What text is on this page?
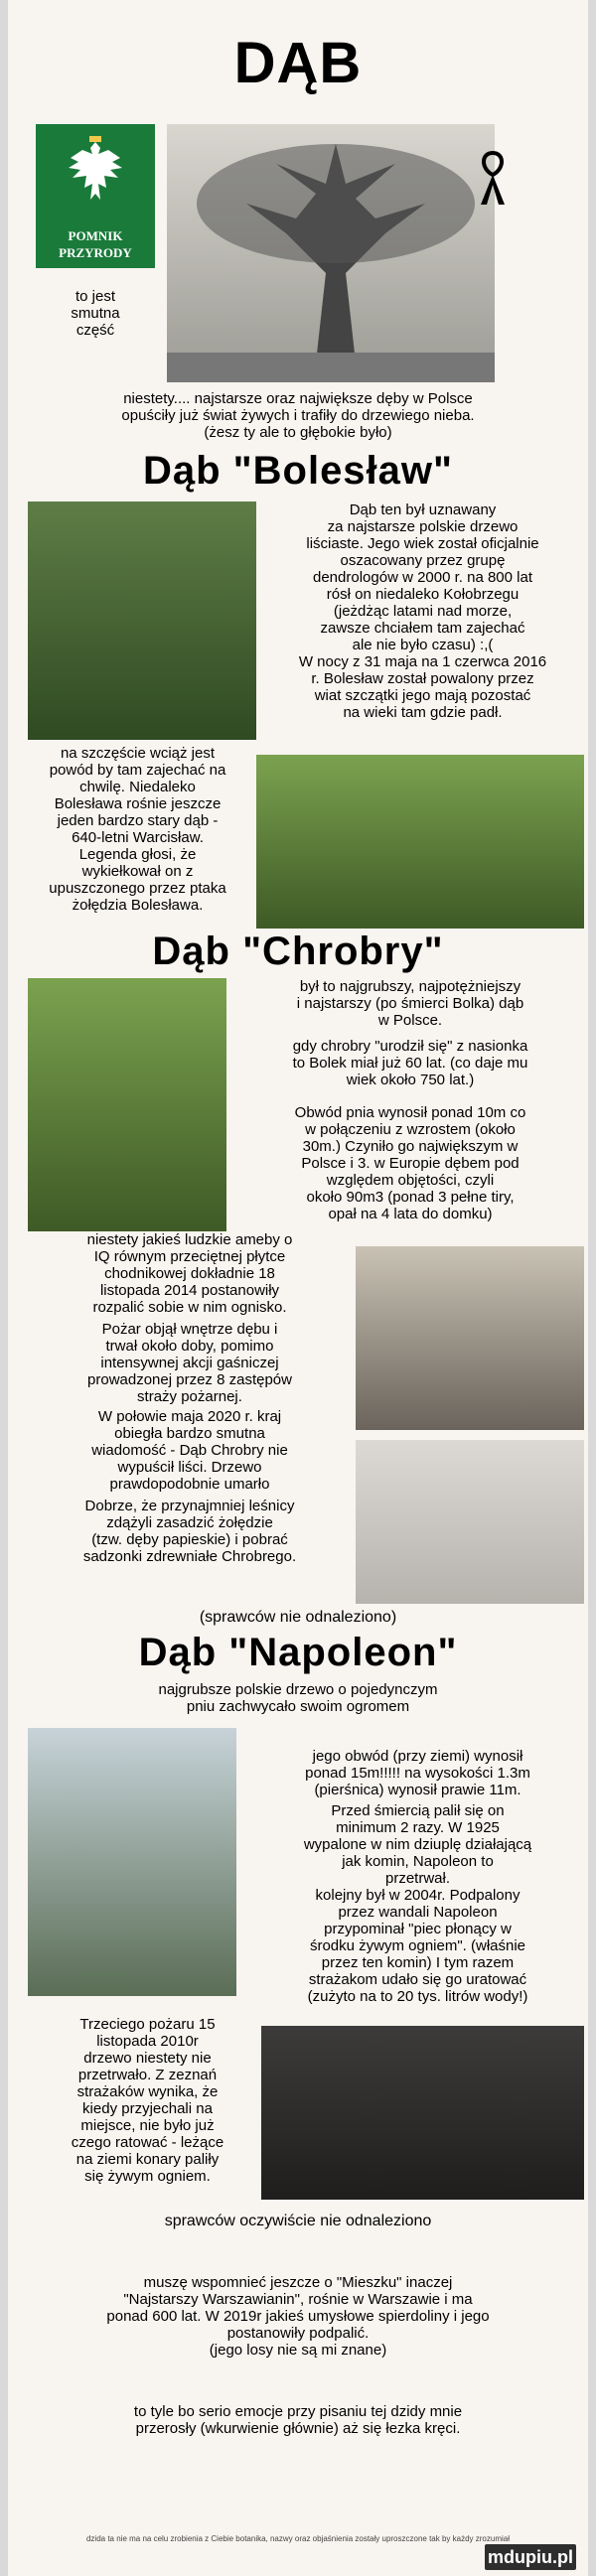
DĄB
POMNIK
PRZYRODY
to jest
smutna
część
niestety.... najstarsze oraz największe dęby w Polsce
opuściły już świat żywych i trafiły do drzewiego nieba.
(żesz ty ale to głębokie było)
Dąb "Bolesław"
Dąb ten był uznawany
za najstarsze polskie drzewo
liściaste. Jego wiek został oficjalnie
oszacowany przez grupę
dendrologów w 2000 r. na 800 lat
rósł on niedaleko Kołobrzegu
(jeżdżąc latami nad morze,
zawsze chciałem tam zajechać
ale nie było czasu) :,(
W nocy z 31 maja na 1 czerwca 2016
r. Bolesław został powalony przez
wiat szczątki jego mają pozostać
na wieki tam gdzie padł.
na szczęście wciąż jest
powód by tam zajechać na
chwilę. Niedaleko
Bolesława rośnie jeszcze
jeden bardzo stary dąb -
640-letni Warcisław.
Legenda głosi, że
wykiełkował on z
upuszczonego przez ptaka
żołędzia Bolesława.
Dąb "Chrobry"
był to najgrubszy, najpotężniejszy
i najstarszy (po śmierci Bolka) dąb
w Polsce.
gdy chrobry "urodził się" z nasionka
to Bolek miał już 60 lat. (co daje mu
wiek około 750 lat.)
Obwód pnia wynosił ponad 10m co
w połączeniu z wzrostem (około
30m.) Czyniło go największym w
Polsce i 3. w Europie dębem pod
względem objętości, czyli
około 90m3 (ponad 3 pełne tiry,
opał na 4 lata do domku)
niestety jakieś ludzkie ameby o
IQ równym przeciętnej płytce
chodnikowej dokładnie 18
listopada 2014 postanowiły
rozpalić sobie w nim ognisko.
Pożar objął wnętrze dębu i
trwał około doby, pomimo
intensywnej akcji gaśniczej
prowadzonej przez 8 zastępów
straży pożarnej.
W połowie maja 2020 r. kraj
obiegła bardzo smutna
wiadomość - Dąb Chrobry nie
wypuścił liści. Drzewo
prawdopodobnie umarło
Dobrze, że przynajmniej leśnicy
zdążyli zasadzić żołędzie
(tzw. dęby papieskie) i pobrać
sadzonki zdrewniałe Chrobrego.
(sprawców nie odnaleziono)
Dąb "Napoleon"
najgrubsze polskie drzewo o pojedynczym
pniu zachwycało swoim ogromem
jego obwód (przy ziemi) wynosił
ponad 15m!!!!! na wysokości 1.3m
(pierśnica) wynosił prawie 11m.
Przed śmiercią palił się on
minimum 2 razy. W 1925
wypalone w nim dziuplę działającą
jak komin, Napoleon to
przetrwał.
kolejny był w 2004r. Podpalony
przez wandali Napoleon
przypominał "piec płonący w
środku żywym ogniem". (właśnie
przez ten komin) I tym razem
strażakom udało się go uratować
(zużyto na to 20 tys. litrów wody!)
Trzeciego pożaru 15
listopada 2010r
drzewo niestety nie
przetrwało. Z zeznań
strażaków wynika, że
kiedy przyjechali na
miejsce, nie było już
czego ratować - leżące
na ziemi konary paliły
się żywym ogniem.
sprawców oczywiście nie odnaleziono
muszę wspomnieć jeszcze o "Mieszku" inaczej
"Najstarszy Warszawianin", rośnie w Warszawie i ma
ponad 600 lat. W 2019r jakieś umysłowe spierdoliny i jego
postanowiły podpalić.
(jego losy nie są mi znane)
to tyle bo serio emocje przy pisaniu tej dzidy mnie
przerosły (wkurwienie głównie) aż się łezka kręci.
dzida ta nie ma na celu zrobienia z Ciebie botanika, nazwy oraz objaśnienia zostały uproszczone tak by każdy zrozumiał
mdupiu.pl
